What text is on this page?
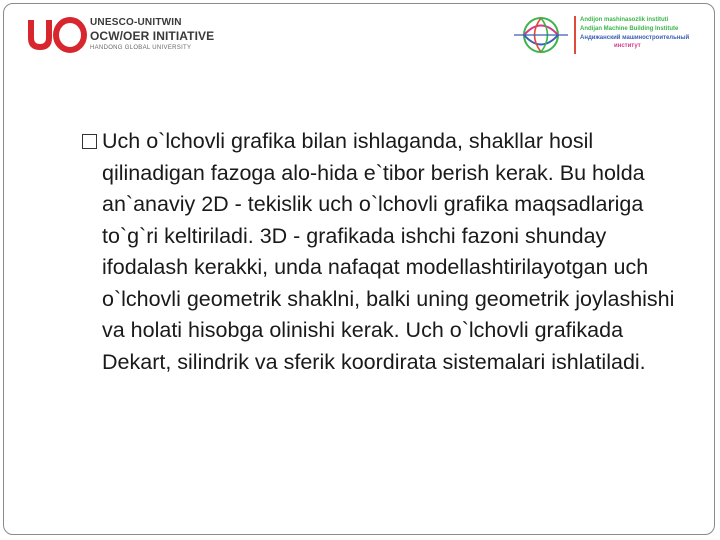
UNESCO-UNITWIN
OCW/OER INITIATIVE
HANDONG GLOBAL UNIVERSITY
Andijon mashinasozlik instituti
Andijan Machine Building Institute
Андижанский машиностроительный
институт

Uch o`lchovli grafika bilan ishlaganda, shakllar hosil qilinadigan fazoga alo-hida e`tibor berish kerak. Bu holda an`anaviy 2D - tekislik uch o`lchovli grafika maqsadlariga to`g`ri keltiriladi. 3D - grafikada ishchi fazoni shunday ifodalash kerakki, unda nafaqat modellashtirilayotgan uch o`lchovli geometrik shaklni, balki uning geometrik joylashishi va holati hisobga olinishi kerak. Uch o`lchovli grafikada Dekart, silindrik va sferik koordirata sistemalari ishlatiladi.
